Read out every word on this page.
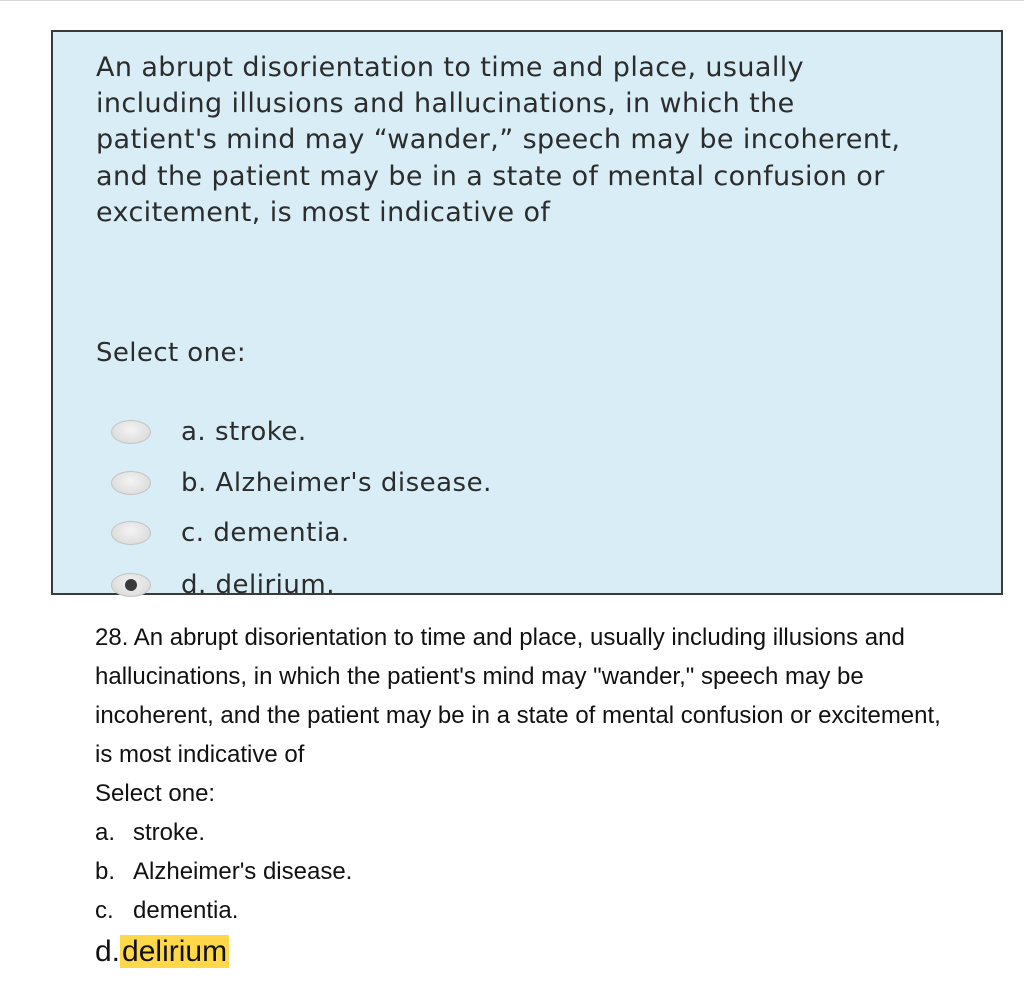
An abrupt disorientation to time and place, usually including illusions and hallucinations, in which the patient's mind may “wander,” speech may be incoherent, and the patient may be in a state of mental confusion or excitement, is most indicative of

Select one:

a. stroke.
b. Alzheimer's disease.
c. dementia.
d. delirium.

28. An abrupt disorientation to time and place, usually including illusions and hallucinations, in which the patient's mind may "wander," speech may be incoherent, and the patient may be in a state of mental confusion or excitement, is most indicative of

Select one:

a. stroke.

b. Alzheimer's disease.

c. dementia.

d.delirium
